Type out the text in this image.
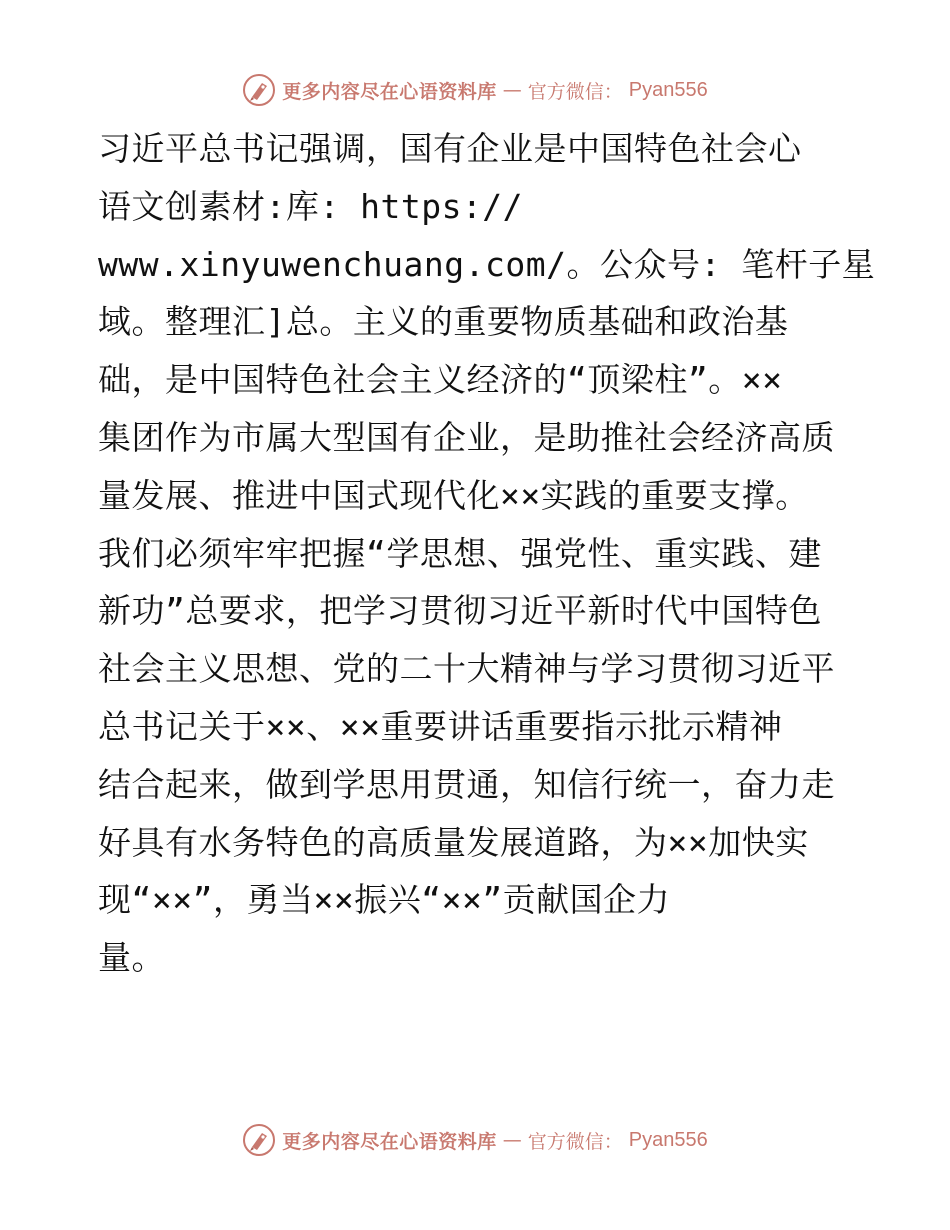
更多内容尽在心语资料库 — 官方微信： Pyan556
习近平总书记强调，国有企业是中国特色社会心
语文创素材:库: https://
www.xinyuwenchuang.com/。公众号: 笔杆子星
域。整理汇]总。主义的重要物质基础和政治基
础，是中国特色社会主义经济的“顶梁柱”。××
集团作为市属大型国有企业，是助推社会经济高质
量发展、推进中国式现代化××实践的重要支撑。
我们必须牢牢把握“学思想、强党性、重实践、建
新功”总要求，把学习贯彻习近平新时代中国特色
社会主义思想、党的二十大精神与学习贯彻习近平
总书记关于××、××重要讲话重要指示批示精神
结合起来，做到学思用贯通，知信行统一，奋力走
好具有水务特色的高质量发展道路，为××加快实
现“××”，勇当××振兴“××”贡献国企力
量。
更多内容尽在心语资料库 — 官方微信： Pyan556
